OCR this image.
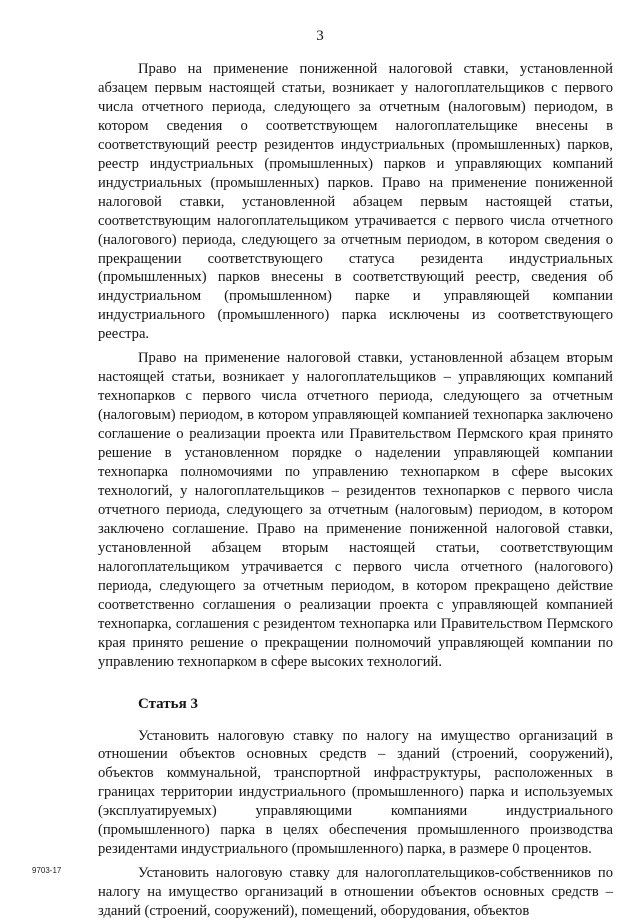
3

Право на применение пониженной налоговой ставки, установленной абзацем первым настоящей статьи, возникает у налогоплательщиков с первого числа отчетного периода, следующего за отчетным (налоговым) периодом, в котором сведения о соответствующем налогоплательщике внесены в соответствующий реестр резидентов индустриальных (промышленных) парков, реестр индустриальных (промышленных) парков и управляющих компаний индустриальных (промышленных) парков. Право на применение пониженной налоговой ставки, установленной абзацем первым настоящей статьи, соответствующим налогоплательщиком утрачивается с первого числа отчетного (налогового) периода, следующего за отчетным периодом, в котором сведения о прекращении соответствующего статуса резидента индустриальных (промышленных) парков внесены в соответствующий реестр, сведения об индустриальном (промышленном) парке и управляющей компании индустриального (промышленного) парка исключены из соответствующего реестра.

Право на применение налоговой ставки, установленной абзацем вторым настоящей статьи, возникает у налогоплательщиков – управляющих компаний технопарков с первого числа отчетного периода, следующего за отчетным (налоговым) периодом, в котором управляющей компанией технопарка заключено соглашение о реализации проекта или Правительством Пермского края принято решение в установленном порядке о наделении управляющей компании технопарка полномочиями по управлению технопарком в сфере высоких технологий, у налогоплательщиков – резидентов технопарков с первого числа отчетного периода, следующего за отчетным (налоговым) периодом, в котором заключено соглашение. Право на применение пониженной налоговой ставки, установленной абзацем вторым настоящей статьи, соответствующим налогоплательщиком утрачивается с первого числа отчетного (налогового) периода, следующего за отчетным периодом, в котором прекращено действие соответственно соглашения о реализации проекта с управляющей компанией технопарка, соглашения с резидентом технопарка или Правительством Пермского края принято решение о прекращении полномочий управляющей компании по управлению технопарком в сфере высоких технологий.

Статья 3

Установить налоговую ставку по налогу на имущество организаций в отношении объектов основных средств – зданий (строений, сооружений), объектов коммунальной, транспортной инфраструктуры, расположенных в границах территории индустриального (промышленного) парка и используемых (эксплуатируемых) управляющими компаниями индустриального (промышленного) парка в целях обеспечения промышленного производства резидентами индустриального (промышленного) парка, в размере 0 процентов.

Установить налоговую ставку для налогоплательщиков-собственников по налогу на имущество организаций в отношении объектов основных средств – зданий (строений, сооружений), помещений, оборудования, объектов

9703-17
